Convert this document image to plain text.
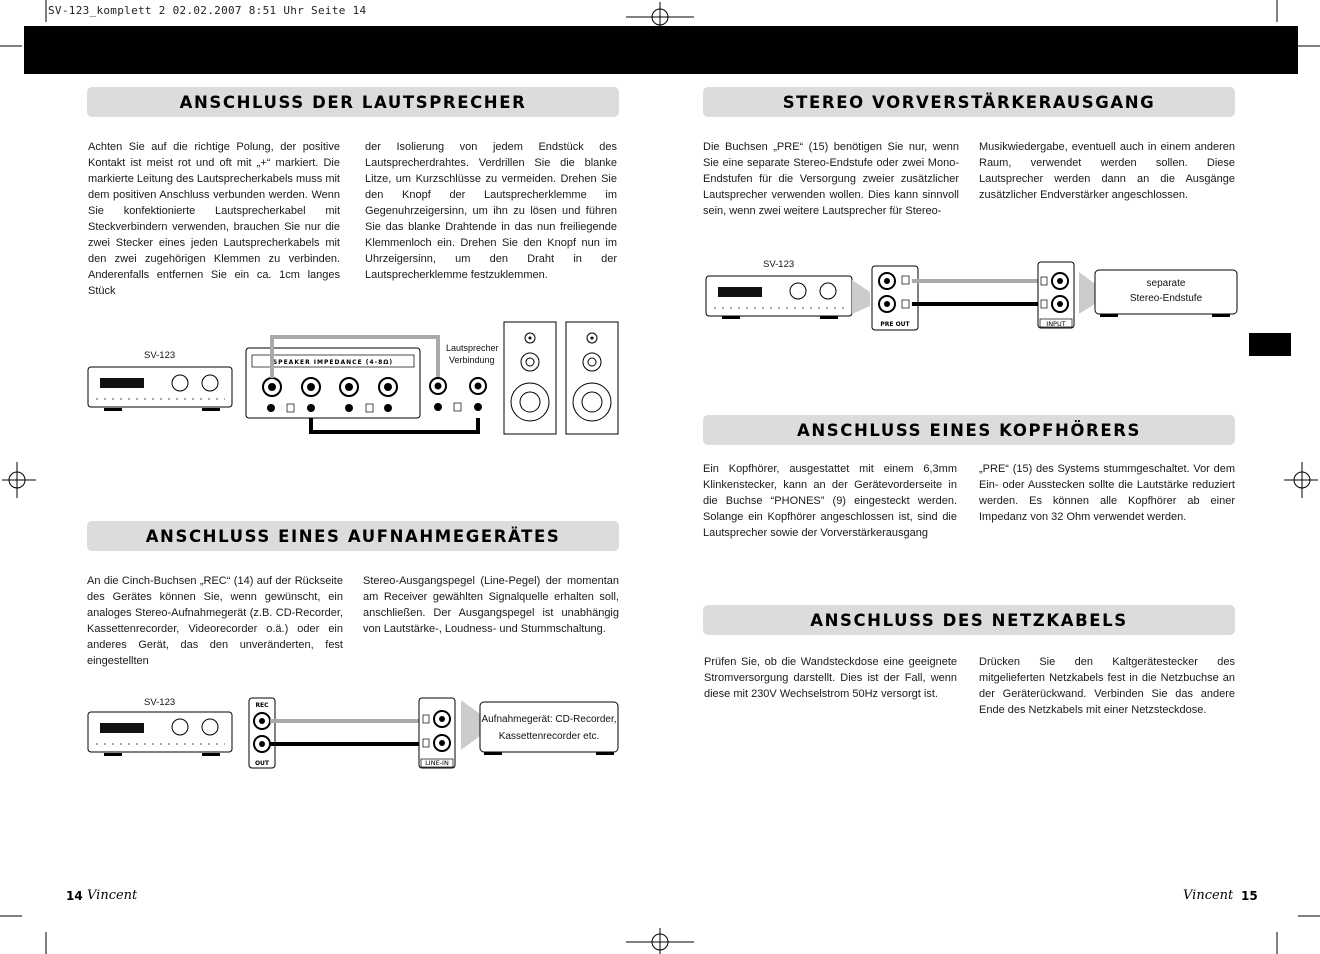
SV-123_komplett 2 02.02.2007 8:51 Uhr Seite 14
ANSCHLUSS DER LAUTSPRECHER
Achten Sie auf die richtige Polung, der positive Kontakt ist meist rot und oft mit „+“ markiert. Die markierte Leitung des Lautsprecherkabels muss mit dem positiven Anschluss verbunden werden. Wenn Sie konfektionierte Lautsprecherkabel mit Steckverbindern verwenden, brauchen Sie nur die zwei Stecker eines jeden Lautsprecherkabels mit den zwei zugehörigen Klemmen zu verbinden. Anderenfalls entfernen Sie ein ca. 1cm langes Stück
der Isolierung von jedem Endstück des Lautsprecherdrahtes. Verdrillen Sie die blanke Litze, um Kurzschlüsse zu vermeiden. Drehen Sie den Knopf der Lautsprecherklemme im Gegenuhrzeigersinn, um ihn zu lösen und führen Sie das blanke Drahtende in das nun freiliegende Klemmenloch ein. Drehen Sie den Knopf nun im Uhrzeigersinn, um den Draht in der Lautsprecherklemme festzuklemmen.
SV-123
Lautsprecher
Verbindung
SPEAKER IMPEDANCE (4-8Ω)
ANSCHLUSS EINES AUFNAHMEGERÄTES
An die Cinch-Buchsen „REC“ (14) auf der Rückseite des Gerätes können Sie, wenn gewünscht, ein analoges Stereo-Aufnahmegerät (z.B. CD-Recorder, Kassettenrecorder, Videorecorder o.ä.) oder ein anderes Gerät, das den unveränderten, fest eingestellten
Stereo-Ausgangspegel (Line-Pegel) der momentan am Receiver gewählten Signalquelle erhalten soll, anschließen. Der Ausgangspegel ist unabhängig von Lautstärke-, Loudness- und Stummschaltung.
SV-123	REC
OUT	LINE-IN
Aufnahmegerät: CD-Recorder,
Kassettenrecorder etc.
14 Vincent
STEREO VORVERSTÄRKERAUSGANG
Die Buchsen „PRE“ (15) benötigen Sie nur, wenn Sie eine separate Stereo-Endstufe oder zwei Mono-Endstufen für die Versorgung zweier zusätzlicher Lautsprecher verwenden wollen. Dies kann sinnvoll sein, wenn zwei weitere Lautsprecher für Stereo-
Musikwiedergabe, eventuell auch in einem anderen Raum, verwendet werden sollen. Diese Lautsprecher werden dann an die Ausgänge zusätzlicher Endverstärker angeschlossen.
SV-123
PRE OUT	INPUT
separate
Stereo-Endstufe
ANSCHLUSS EINES KOPFHÖRERS
Ein Kopfhörer, ausgestattet mit einem 6,3mm Klinkenstecker, kann an der Gerätevorderseite in die Buchse “PHONES” (9) eingesteckt werden. Solange ein Kopfhörer angeschlossen ist, sind die Lautsprecher sowie der Vorverstärkerausgang
„PRE“ (15) des Systems stummgeschaltet. Vor dem Ein- oder Ausstecken sollte die Lautstärke reduziert werden. Es können alle Kopfhörer ab einer Impedanz von 32 Ohm verwendet werden.
ANSCHLUSS DES NETZKABELS
Prüfen Sie, ob die Wandsteckdose eine geeignete Stromversorgung darstellt. Dies ist der Fall, wenn diese mit 230V Wechselstrom 50Hz versorgt ist.
Drücken Sie den Kaltgerätestecker des mitgelieferten Netzkabels fest in die Netzbuchse an der Geräterückwand. Verbinden Sie das andere Ende des Netzkabels mit einer Netzsteckdose.
Vincent 15
